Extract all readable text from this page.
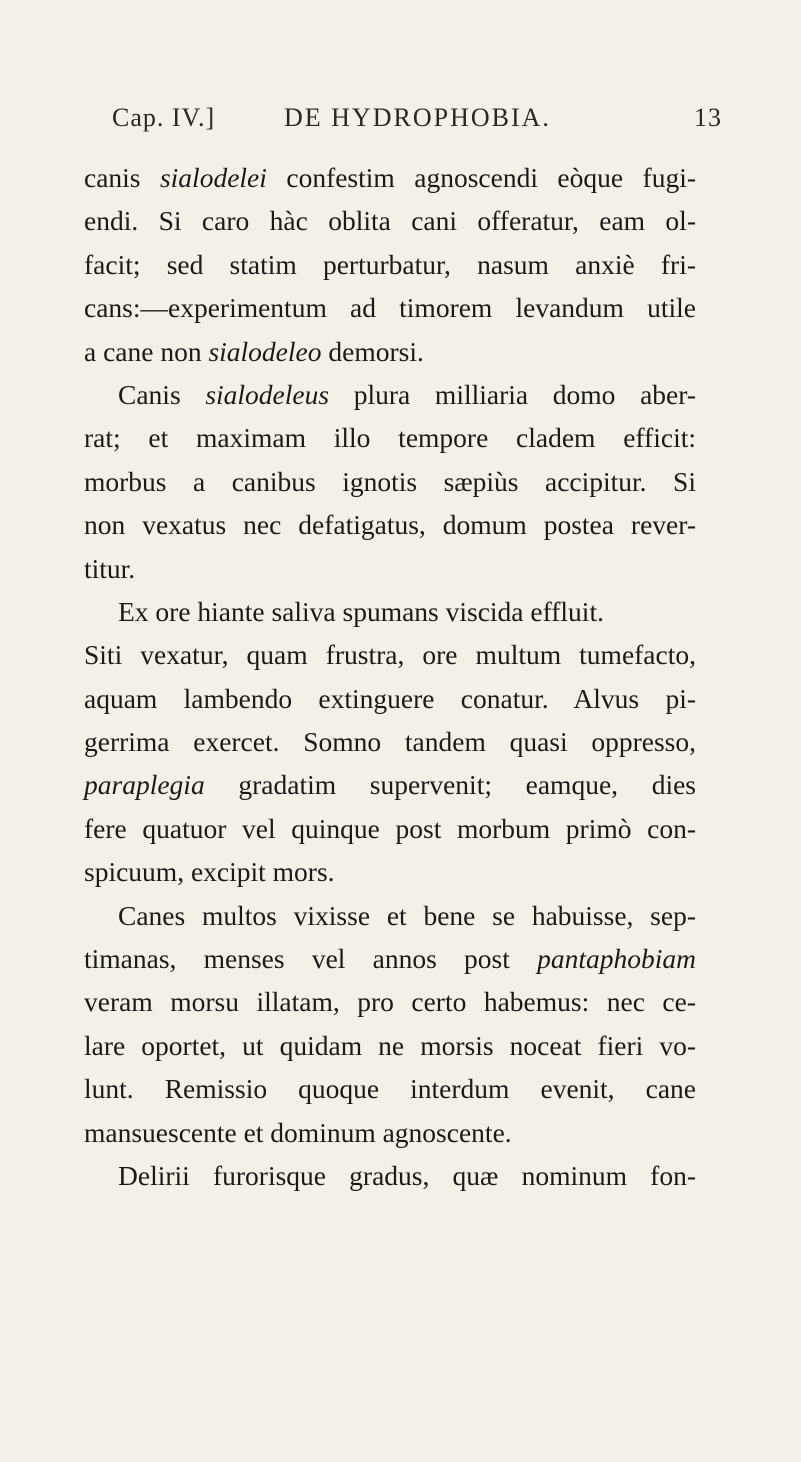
Cap. IV.]	DE HYDROPHOBIA.	13
canis sialodelei confestim agnoscendi eòque fugi-
endi. Si caro hàc oblita cani offeratur, eam ol-
facit; sed statim perturbatur, nasum anxiè fri-
cans:—experimentum ad timorem levandum utile
a cane non sialodeleo demorsi.
Canis sialodeleus plura milliaria domo aber-
rat; et maximam illo tempore cladem efficit:
morbus a canibus ignotis sæpiùs accipitur. Si
non vexatus nec defatigatus, domum postea rever-
titur.
Ex ore hiante saliva spumans viscida effluit.
Siti vexatur, quam frustra, ore multum tumefacto,
aquam lambendo extinguere conatur. Alvus pi-
gerrima exercet. Somno tandem quasi oppresso,
paraplegia gradatim supervenit; eamque, dies
fere quatuor vel quinque post morbum primò con-
spicuum, excipit mors.
Canes multos vixisse et bene se habuisse, sep-
timanas, menses vel annos post pantaphobiam
veram morsu illatam, pro certo habemus: nec ce-
lare oportet, ut quidam ne morsis noceat fieri vo-
lunt. Remissio quoque interdum evenit, cane
mansuescente et dominum agnoscente.
Delirii furorisque gradus, quæ nominum fon-
